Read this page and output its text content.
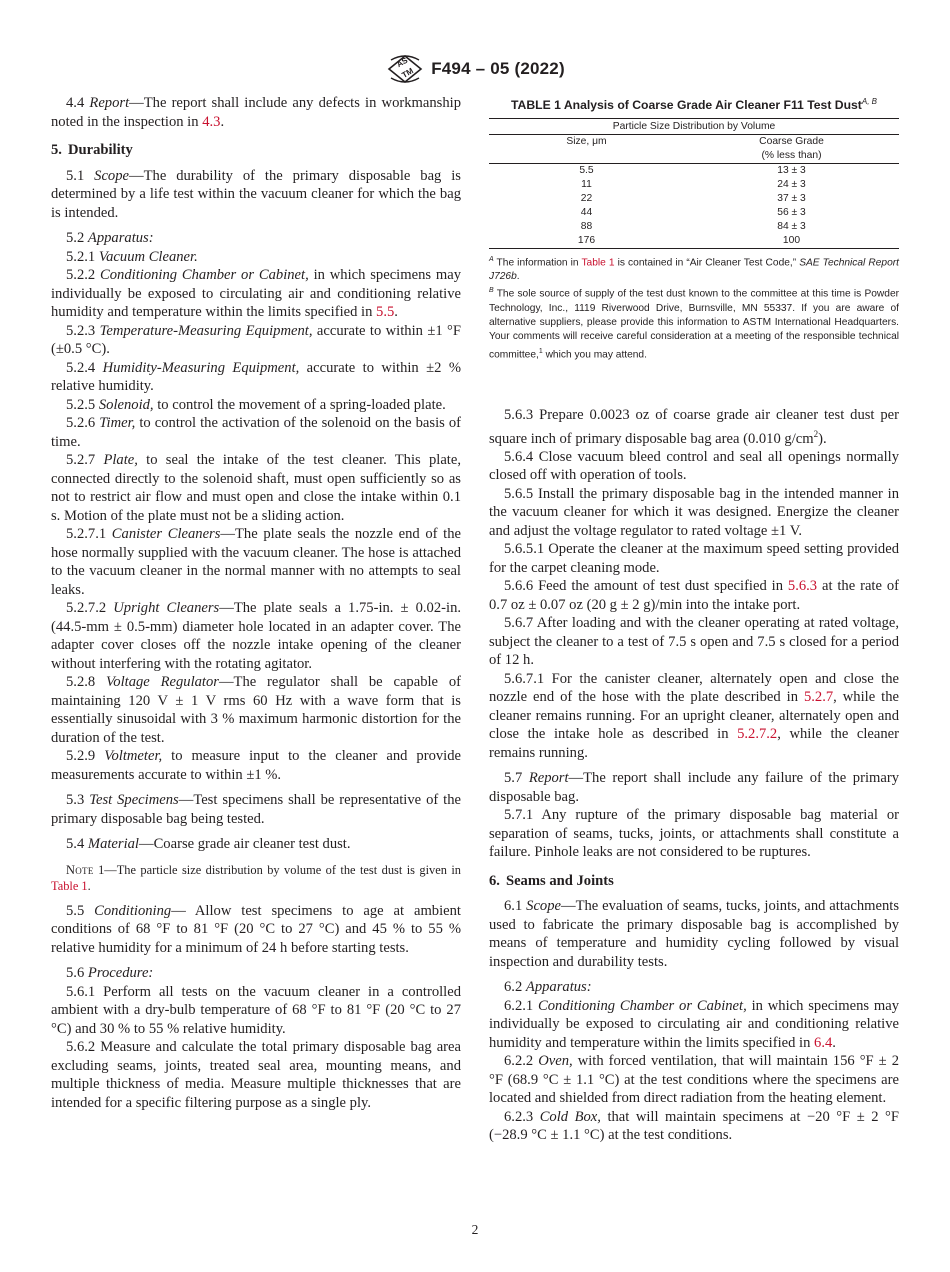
AS
TM F494 – 05 (2022)

4.4 Report—The report shall include any defects in workmanship noted in the inspection in 4.3.

5. Durability

5.1 Scope—The durability of the primary disposable bag is determined by a life test within the vacuum cleaner for which the bag is intended.

5.2 Apparatus:

5.2.1 Vacuum Cleaner.

5.2.2 Conditioning Chamber or Cabinet, in which specimens may individually be exposed to circulating air and conditioning relative humidity and temperature within the limits specified in 5.5.

5.2.3 Temperature-Measuring Equipment, accurate to within ±1 °F (±0.5 °C).

5.2.4 Humidity-Measuring Equipment, accurate to within ±2 % relative humidity.

5.2.5 Solenoid, to control the movement of a spring-loaded plate.

5.2.6 Timer, to control the activation of the solenoid on the basis of time.

5.2.7 Plate, to seal the intake of the test cleaner. This plate, connected directly to the solenoid shaft, must open sufficiently so as not to restrict air flow and must open and close the intake within 0.1 s. Motion of the plate must not be a sliding action.

5.2.7.1 Canister Cleaners—The plate seals the nozzle end of the hose normally supplied with the vacuum cleaner. The hose is attached to the vacuum cleaner in the normal manner with no attempts to seal leaks.

5.2.7.2 Upright Cleaners—The plate seals a 1.75-in. ± 0.02-in. (44.5-mm ± 0.5-mm) diameter hole located in an adapter cover. The adapter cover closes off the nozzle intake opening of the cleaner without interfering with the rotating agitator.

5.2.8 Voltage Regulator—The regulator shall be capable of maintaining 120 V ± 1 V rms 60 Hz with a wave form that is essentially sinusoidal with 3 % maximum harmonic distortion for the duration of the test.

5.2.9 Voltmeter, to measure input to the cleaner and provide measurements accurate to within ±1 %.

5.3 Test Specimens—Test specimens shall be representative of the primary disposable bag being tested.

5.4 Material—Coarse grade air cleaner test dust.

Note 1—The particle size distribution by volume of the test dust is given in Table 1.

5.5 Conditioning— Allow test specimens to age at ambient conditions of 68 °F to 81 °F (20 °C to 27 °C) and 45 % to 55 % relative humidity for a minimum of 24 h before starting tests.

5.6 Procedure:

5.6.1 Perform all tests on the vacuum cleaner in a controlled ambient with a dry-bulb temperature of 68 °F to 81 °F (20 °C to 27 °C) and 30 % to 55 % relative humidity.

5.6.2 Measure and calculate the total primary disposable bag area excluding seams, joints, treated seal area, mounting means, and multiple thickness of media. Measure multiple thicknesses that are intended for a specific filtering purpose as a single ply.

TABLE 1 Analysis of Coarse Grade Air Cleaner F11 Test Dust$^{A, B}$
Particle Size Distribution by Volume	
Size, μm	Coarse Grade
(% less than)
5.5	13 ± 3
11	24 ± 3
22	37 ± 3
44	56 ± 3
88	84 ± 3
176	100
$^A$ The information in Table 1 is contained in “Air Cleaner Test Code,” SAE Technical Report J726b.
$^B$ The sole source of supply of the test dust known to the committee at this time is Powder Technology, Inc., 1119 Riverwood Drive, Burnsville, MN 55337. If you are aware of alternative suppliers, please provide this information to ASTM International Headquarters. Your comments will receive careful consideration at a meeting of the responsible technical committee,$^1$ which you may attend.

5.6.3 Prepare 0.0023 oz of coarse grade air cleaner test dust per square inch of primary disposable bag area (0.010 $g/cm^2$).

5.6.4 Close vacuum bleed control and seal all openings normally closed off with operation of tools.

5.6.5 Install the primary disposable bag in the intended manner in the vacuum cleaner for which it was designed. Energize the cleaner and adjust the voltage regulator to rated voltage ±1 V.

5.6.5.1 Operate the cleaner at the maximum speed setting provided for the carpet cleaning mode.

5.6.6 Feed the amount of test dust specified in 5.6.3 at the rate of 0.7 oz ± 0.07 oz (20 g ± 2 g)/min into the intake port.

5.6.7 After loading and with the cleaner operating at rated voltage, subject the cleaner to a test of 7.5 s open and 7.5 s closed for a period of 12 h.

5.6.7.1 For the canister cleaner, alternately open and close the nozzle end of the hose with the plate described in 5.2.7, while the cleaner remains running. For an upright cleaner, alternately open and close the intake hole as described in 5.2.7.2, while the cleaner remains running.

5.7 Report—The report shall include any failure of the primary disposable bag.

5.7.1 Any rupture of the primary disposable bag material or separation of seams, tucks, joints, or attachments shall constitute a failure. Pinhole leaks are not considered to be ruptures.

6. Seams and Joints

6.1 Scope—The evaluation of seams, tucks, joints, and attachments used to fabricate the primary disposable bag is accomplished by means of temperature and humidity cycling followed by visual inspection and durability tests.

6.2 Apparatus:

6.2.1 Conditioning Chamber or Cabinet, in which specimens may individually be exposed to circulating air and conditioning relative humidity and temperature within the limits specified in 6.4.

6.2.2 Oven, with forced ventilation, that will maintain 156 °F ± 2 °F (68.9 °C ± 1.1 °C) at the test conditions where the specimens are located and shielded from direct radiation from the heating element.

6.2.3 Cold Box, that will maintain specimens at −20 °F ± 2 °F (−28.9 °C ± 1.1 °C) at the test conditions.

2
